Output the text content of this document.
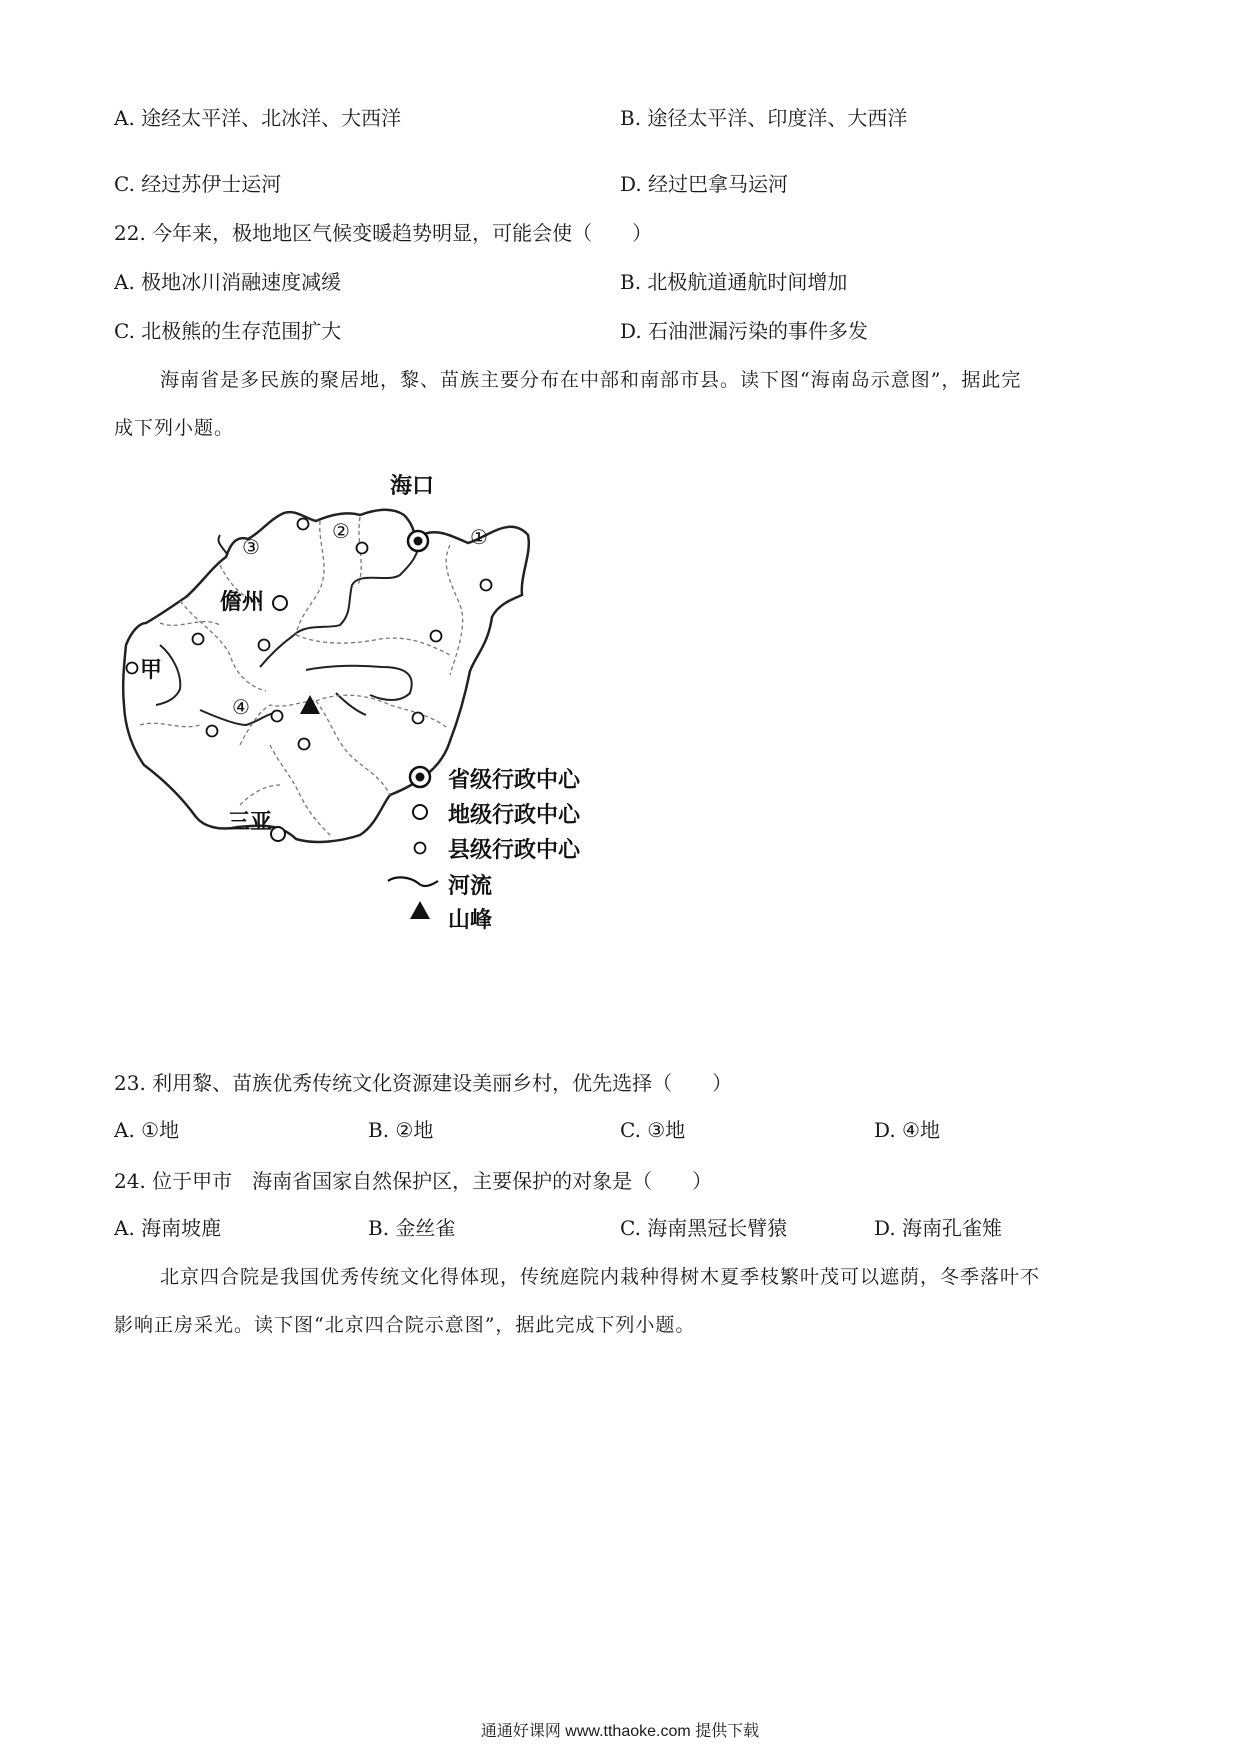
A. 途经太平洋、北冰洋、大西洋	B. 途径太平洋、印度洋、大西洋
C. 经过苏伊士运河	D. 经过巴拿马运河
22. 今年来，极地地区气候变暖趋势明显，可能会使（　　）
A. 极地冰川消融速度减缓	B. 北极航道通航时间增加
C. 北极熊的生存范围扩大	D. 石油泄漏污染的事件多发
海南省是多民族的聚居地，黎、苗族主要分布在中部和南部市县。读下图“海南岛示意图”，据此完
成下列小题。
海口
儋州
甲
三亚
①
②
③
④
省级行政中心
地级行政中心
县级行政中心
河流
山峰
23. 利用黎、苗族优秀传统文化资源建设美丽乡村，优先选择（　　）
A. ①地	B. ②地	C. ③地	D. ④地
24. 位于甲市　海南省国家自然保护区，主要保护的对象是（　　）
A. 海南坡鹿	B. 金丝雀	C. 海南黑冠长臂猿	D. 海南孔雀雉
北京四合院是我国优秀传统文化得体现，传统庭院内栽种得树木夏季枝繁叶茂可以遮荫，冬季落叶不
影响正房采光。读下图“北京四合院示意图”，据此完成下列小题。
通通好课网 www.tthaoke.com 提供下载
